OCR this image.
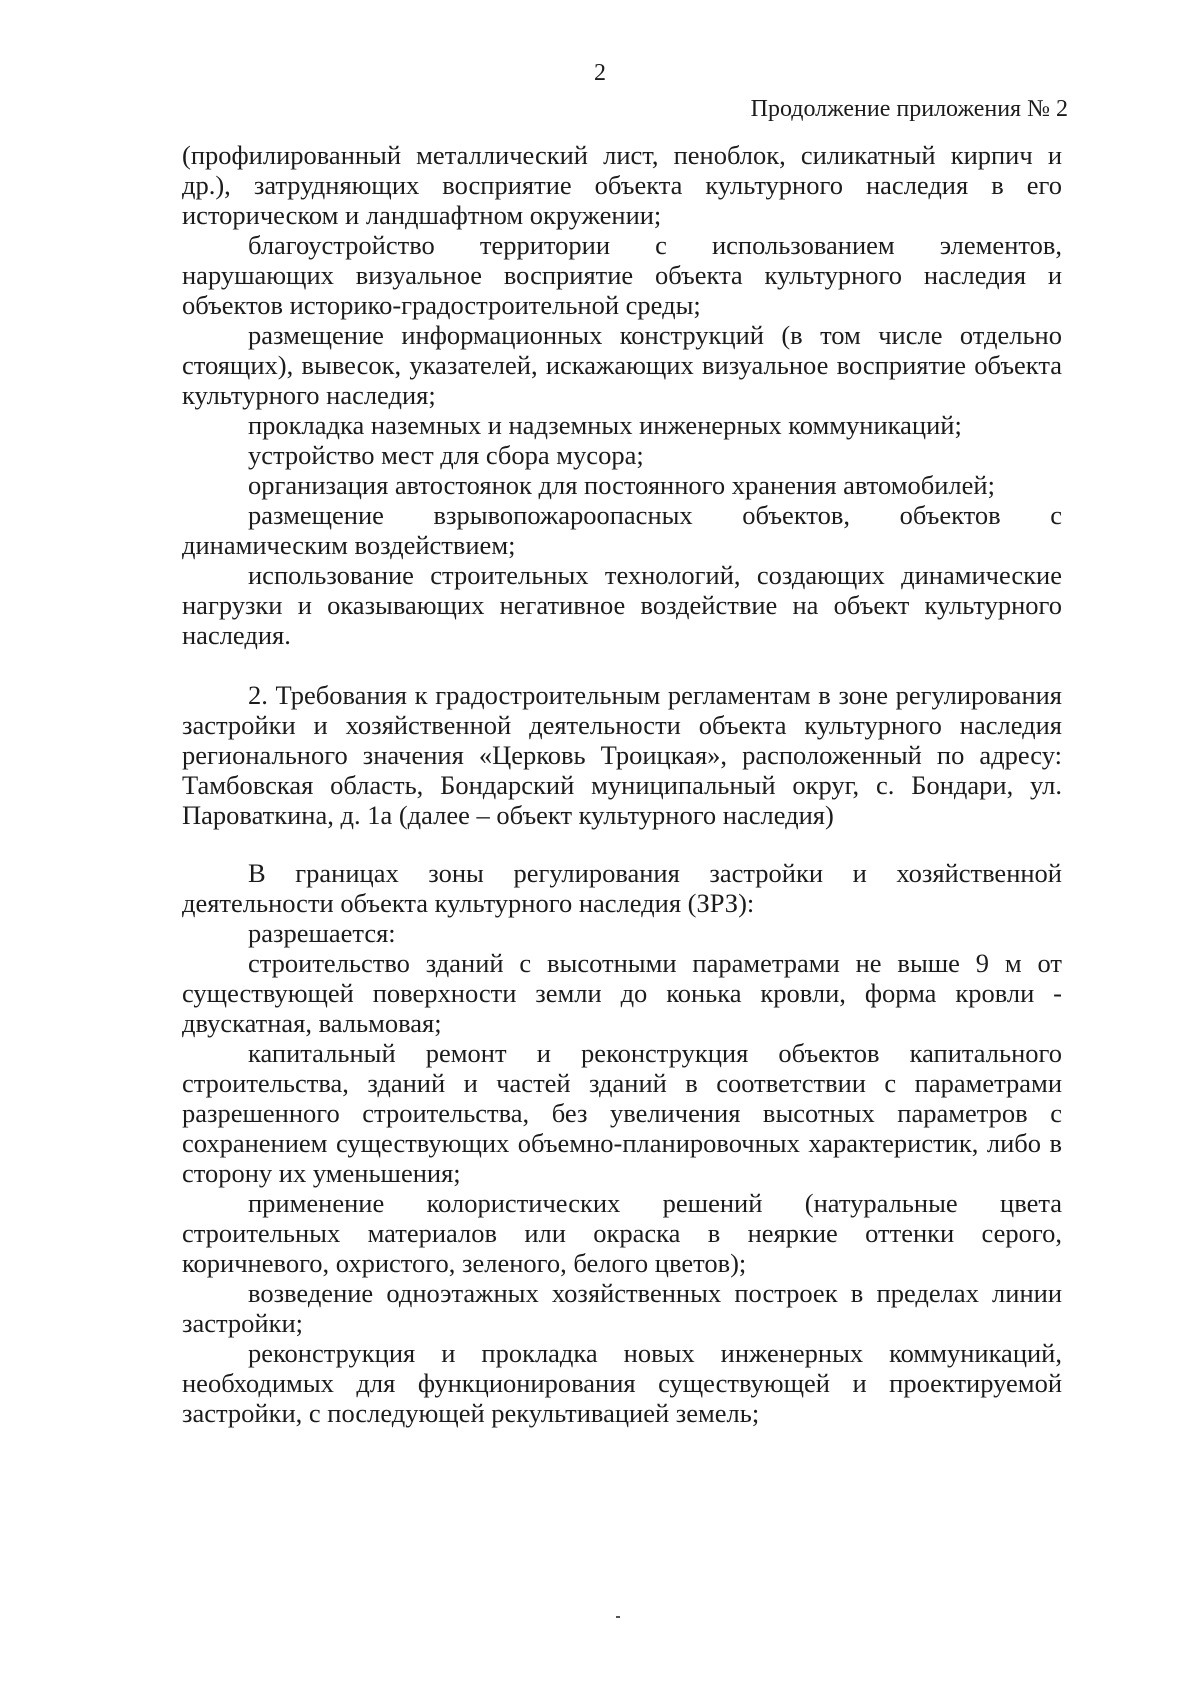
2
Продолжение приложения № 2

(профилированный металлический лист, пеноблок, силикатный кирпич и др.), затрудняющих восприятие объекта культурного наследия в его историческом и ландшафтном окружении;

благоустройство территории с использованием элементов, нарушающих визуальное восприятие объекта культурного наследия и объектов историко-градостроительной среды;

размещение информационных конструкций (в том числе отдельно стоящих), вывесок, указателей, искажающих визуальное восприятие объекта культурного наследия;

прокладка наземных и надземных инженерных коммуникаций;

устройство мест для сбора мусора;

организация автостоянок для постоянного хранения автомобилей;

размещение взрывопожароопасных объектов, объектов с динамическим воздействием;

использование строительных технологий, создающих динамические нагрузки и оказывающих негативное воздействие на объект культурного наследия.

2. Требования к градостроительным регламентам в зоне регулирования застройки и хозяйственной деятельности объекта культурного наследия регионального значения «Церковь Троицкая», расположенный по адресу: Тамбовская область, Бондарский муниципальный округ, с. Бондари, ул. Пароваткина, д. 1а (далее – объект культурного наследия)

В границах зоны регулирования застройки и хозяйственной деятельности объекта культурного наследия (ЗРЗ):

разрешается:

строительство зданий с высотными параметрами не выше 9 м от существующей поверхности земли до конька кровли, форма кровли - двускатная, вальмовая;

капитальный ремонт и реконструкция объектов капитального строительства, зданий и частей зданий в соответствии с параметрами разрешенного строительства, без увеличения высотных параметров с сохранением существующих объемно-планировочных характеристик, либо в сторону их уменьшения;

применение колористических решений (натуральные цвета строительных материалов или окраска в неяркие оттенки серого, коричневого, охристого, зеленого, белого цветов);

возведение одноэтажных хозяйственных построек в пределах линии застройки;

реконструкция и прокладка новых инженерных коммуникаций, необходимых для функционирования существующей и проектируемой застройки, с последующей рекультивацией земель;
